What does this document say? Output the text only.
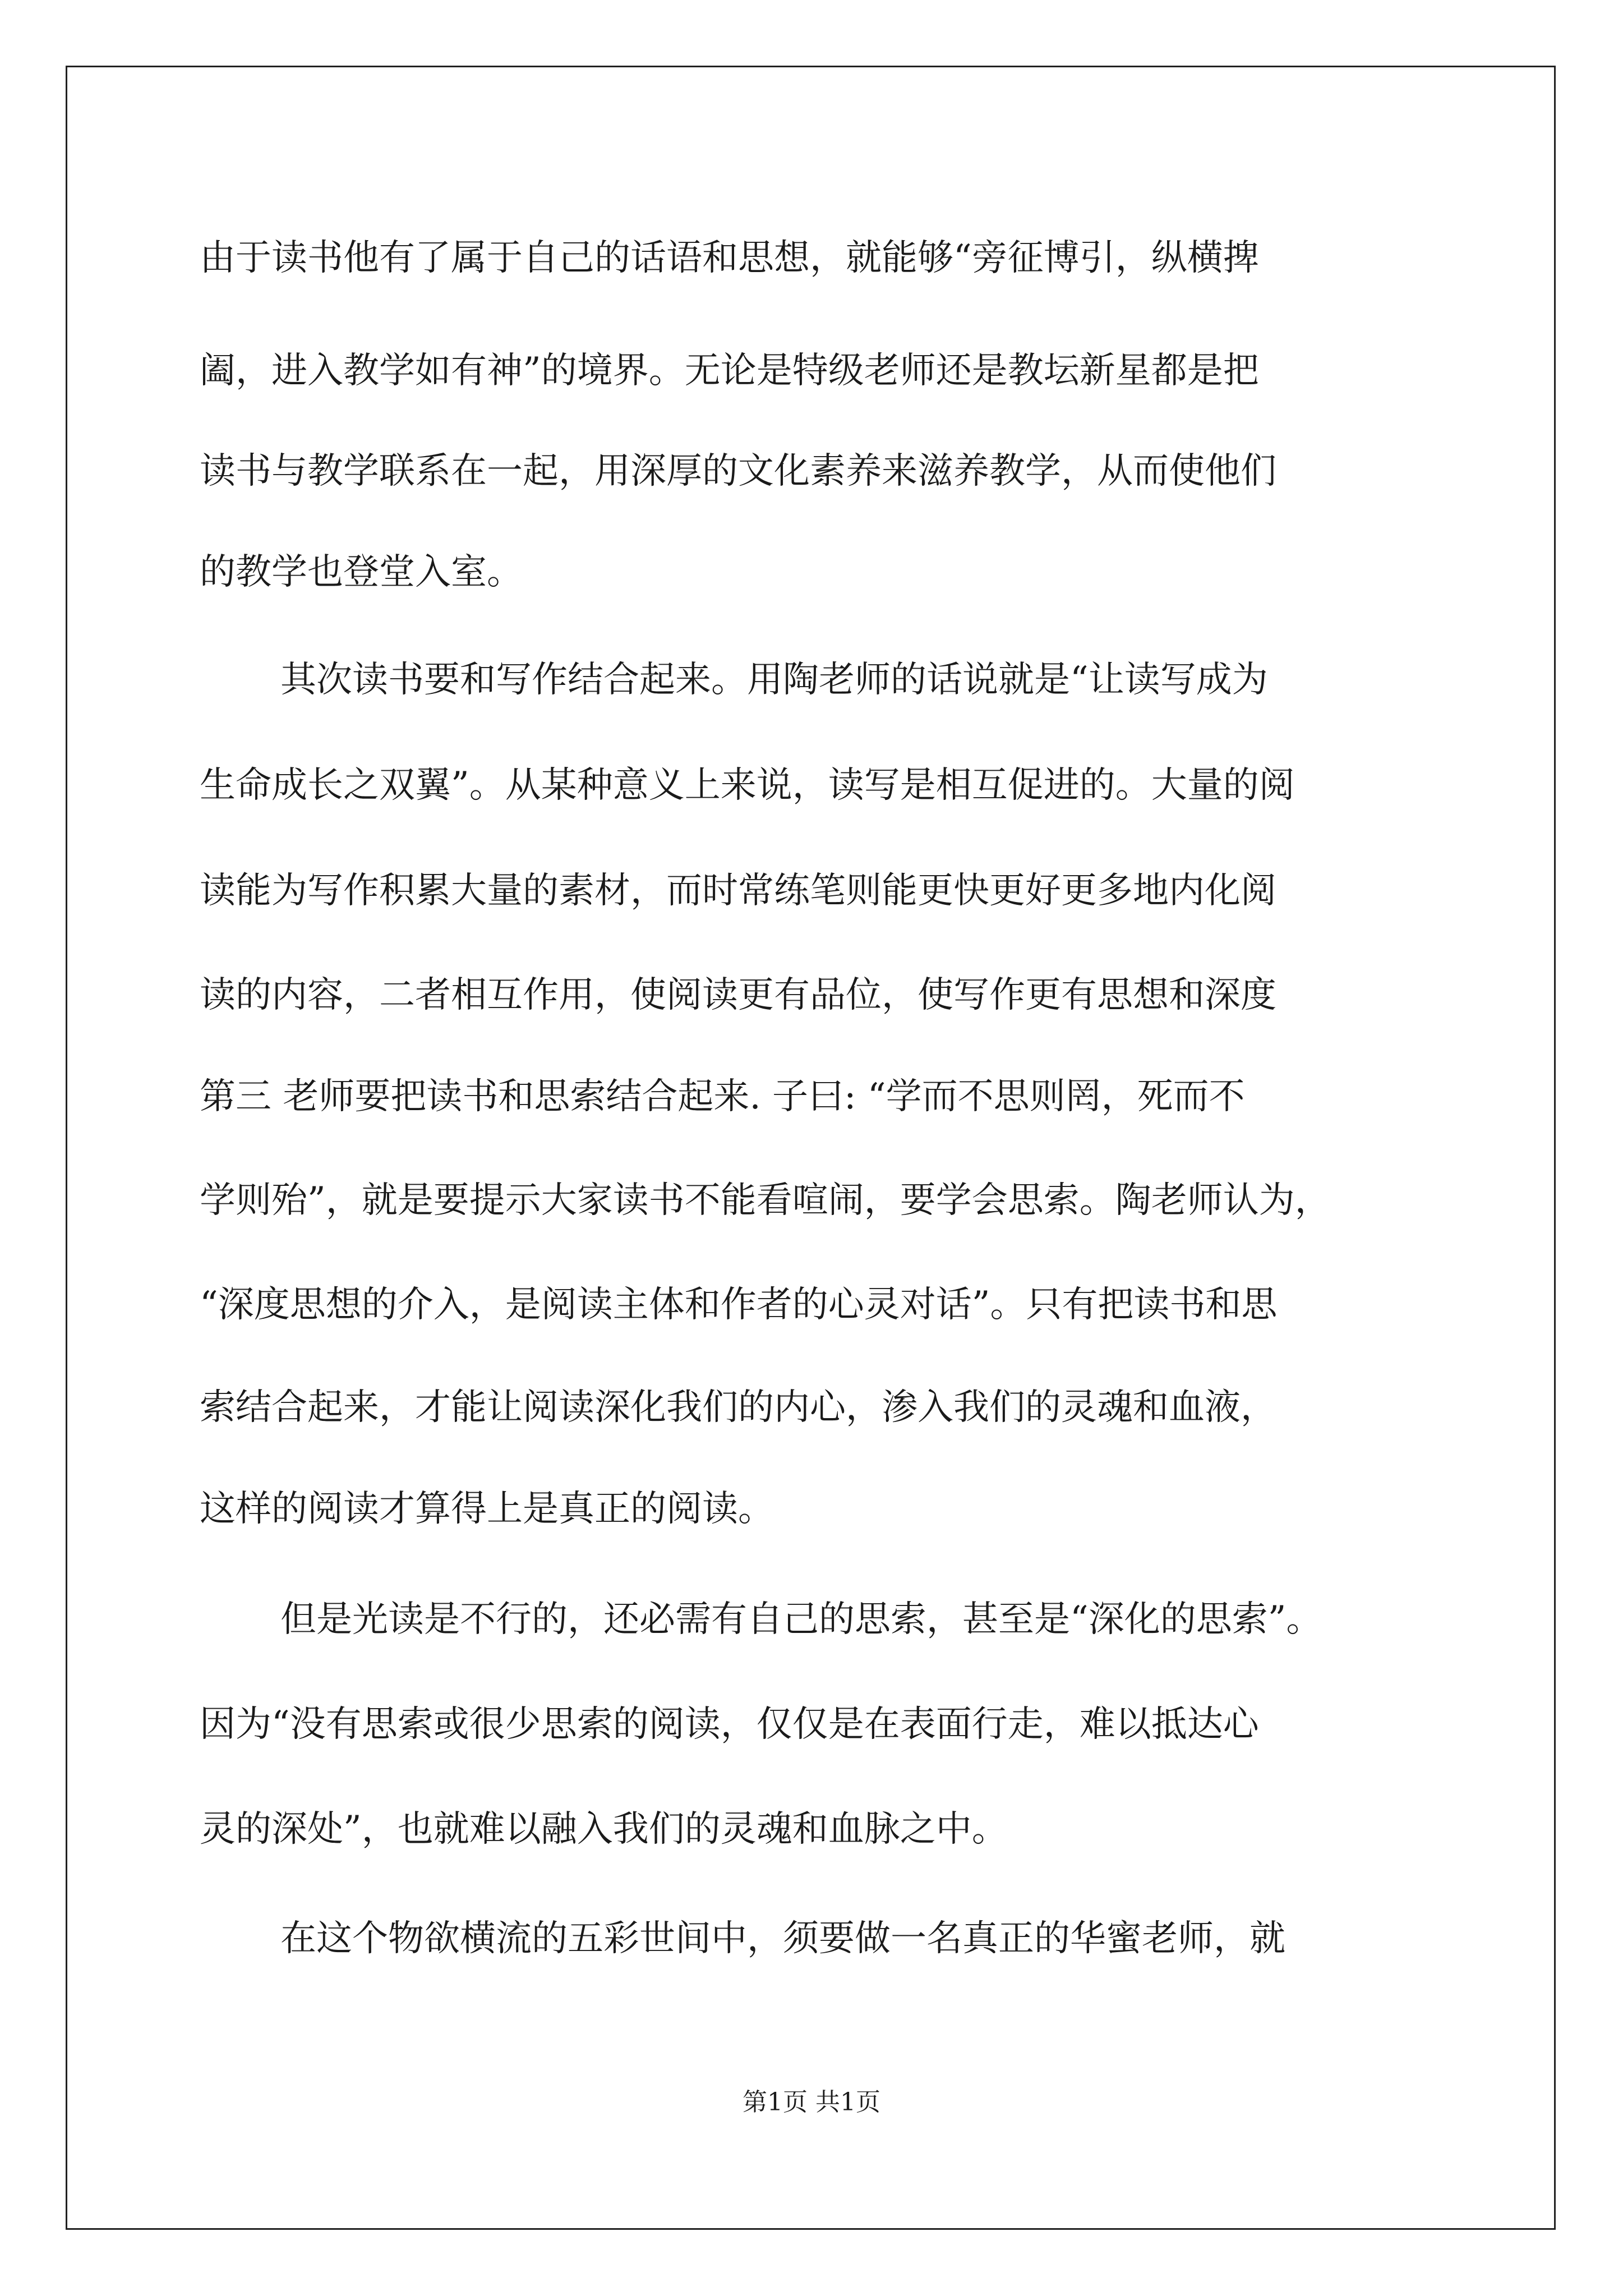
由于读书他有了属于自己的话语和思想，就能够“旁征博引，纵横捭
阖，进入教学如有神”的境界。无论是特级老师还是教坛新星都是把
读书与教学联系在一起，用深厚的文化素养来滋养教学，从而使他们
的教学也登堂入室。
其次读书要和写作结合起来。用陶老师的话说就是“让读写成为
生命成长之双翼”。从某种意义上来说，读写是相互促进的。大量的阅
读能为写作积累大量的素材，而时常练笔则能更快更好更多地内化阅
读的内容，二者相互作用，使阅读更有品位，使写作更有思想和深度
第三 老师要把读书和思索结合起来. 子曰: “学而不思则罔，死而不
学则殆”，就是要提示大家读书不能看喧闹，要学会思索。陶老师认为，
“深度思想的介入，是阅读主体和作者的心灵对话”。只有把读书和思
索结合起来，才能让阅读深化我们的内心，渗入我们的灵魂和血液，
这样的阅读才算得上是真正的阅读。
但是光读是不行的，还必需有自己的思索，甚至是“深化的思索”。
因为“没有思索或很少思索的阅读，仅仅是在表面行走，难以抵达心
灵的深处”，也就难以融入我们的灵魂和血脉之中。
在这个物欲横流的五彩世间中，须要做一名真正的华蜜老师，就
第1页 共1页
